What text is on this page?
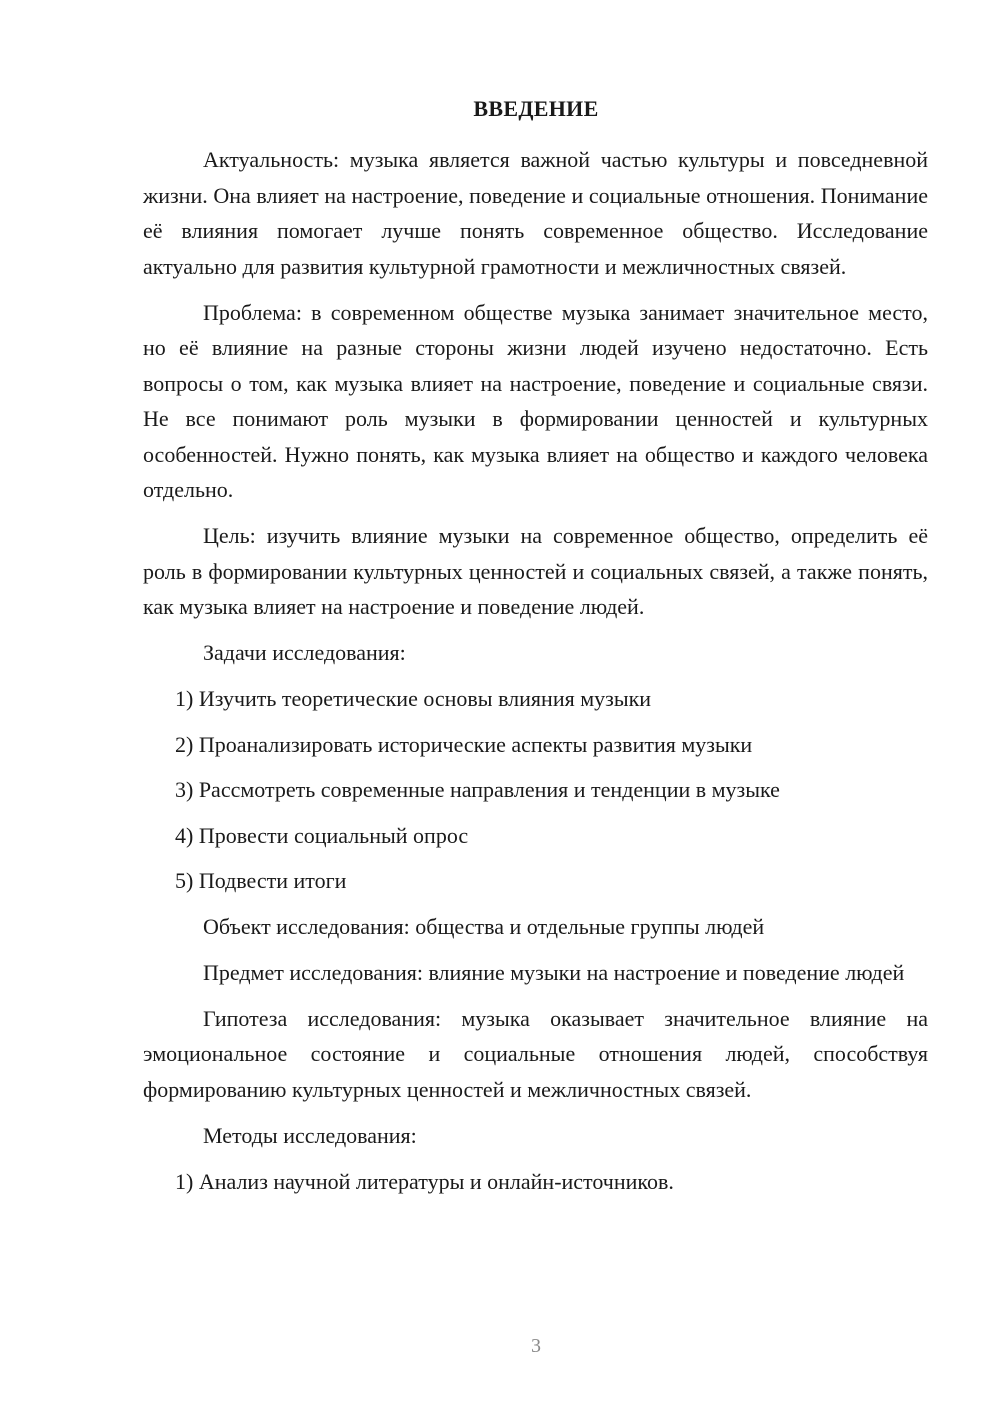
ВВЕДЕНИЕ

Актуальность: музыка является важной частью культуры и повседневной жизни. Она влияет на настроение, поведение и социальные отношения. Понимание её влияния помогает лучше понять современное общество. Исследование актуально для развития культурной грамотности и межличностных связей.

Проблема: в современном обществе музыка занимает значительное место, но её влияние на разные стороны жизни людей изучено недостаточно. Есть вопросы о том, как музыка влияет на настроение, поведение и социальные связи. Не все понимают роль музыки в формировании ценностей и культурных особенностей. Нужно понять, как музыка влияет на общество и каждого человека отдельно.

Цель: изучить влияние музыки на современное общество, определить её роль в формировании культурных ценностей и социальных связей, а также понять, как музыка влияет на настроение и поведение людей.

Задачи исследования:

1) Изучить теоретические основы влияния музыки

2) Проанализировать исторические аспекты развития музыки

3) Рассмотреть современные направления и тенденции в музыке

4) Провести социальный опрос

5) Подвести итоги

Объект исследования: общества и отдельные группы людей

Предмет исследования: влияние музыки на настроение и поведение людей

Гипотеза исследования: музыка оказывает значительное влияние на эмоциональное состояние и социальные отношения людей, способствуя формированию культурных ценностей и межличностных связей.

Методы исследования:

1) Анализ научной литературы и онлайн-источников.

3
